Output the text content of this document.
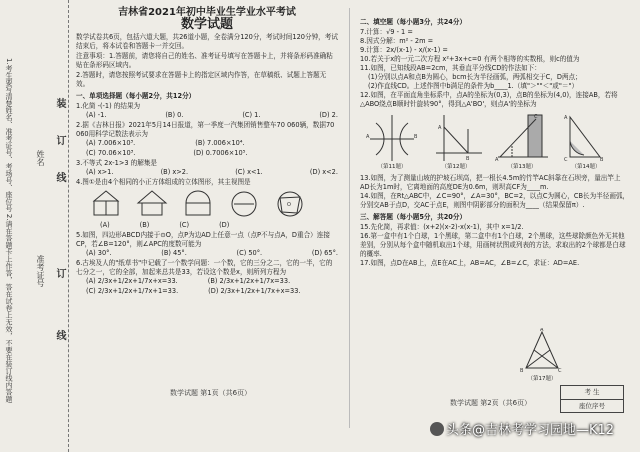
1.考生要写清楚姓名、准考证号、考场号、座位号 2.请在答题卡上作答，答在试卷上无效，不要在装订线内答题	准考证号
姓名
装
订
线
订
线
吉林省2021年初中毕业生学业水平考试
数学试题
数学试卷共6页，包括六道大题，共26道小题，全卷满分120分，考试时间120分钟，考试结束后，将本试卷和答题卡一并交回。
注意事项：1.答题前，请您将自己的姓名、准考证号填写在答题卡上，并将条形码准确粘贴在条形码区域内。
2.答题时，请您按照考试要求在答题卡上的指定区域内作答，在草稿纸、试题上答题无效。
一、单项选择题（每小题2分，共12分）
1.化简 -(-1) 的结果为
(A) -1.	(B) 0.	(C) 1.	(D) 2.
2.据《吉林日报》2021年5月14日报道，第一季度一汽集团销售整车70 060辆，数据70 060用科学记数法表示为
(A) 7.006×10³.	(B) 7.006×10⁴.
(C) 70.06×10³.	(D) 0.7006×10⁵.
3.不等式 2x-1>3 的解集是
(A) x>1.	(B) x>2.	(C) x<1.	(D) x<2.
4.图①是由4个相同的小正方体组成的立体图形，其主视图是
O
(A)	(B)	(C)	(D)
5.如图，四边形ABCD内接于⊙O，点P为边AD上任意一点（点P不与点A，D重合）连接CP，若∠B=120°，则∠APC的度数可能为
(A) 30°.	(B) 45°.	(C) 50°.	(D) 65°.
6.古埃及人的"纸草书"中记载了一个数学问题：一个数，它的三分之二，它的一半，它的七分之一，它的全部，加起来总共是33，若设这个数是x，则所列方程为
(A) 2/3x+1/2x+1/7x+x=33.	(B) 2/3x+1/2x+1/7x=33.
(C) 2/3x+1/2x+1/7x+1=33.	(D) 2/3x+1/2x+1/7x+x=33.
数学试题 第1页（共6页）
二、填空题（每小题3分，共24分）
7.计算：√9 - 1 =
8.因式分解：m² - 2m =
9.计算：2x/(x-1) - x/(x-1) =
10.若关于x的一元二次方程 x²+3x+c=0 有两个相等的实数根，则c的值为
11.如图，已知线段AB=2cm，其垂直平分线CD的作法如下：
(1)分别以点A和点B为圆心，bcm长为半径画弧，两弧相交于C，D两点；
(2)作直线CD。上述作图中b满足的条件为b____1.（填"＞""＜"或"＝"）
12.如图，在平面直角坐标系中，点A的坐标为(0,3)，点B的坐标为(4,0)，连接AB，若将△ABO绕点B顺时针旋转90°，得到△A'BO'，则点A'的坐标为
A	B
（第11题）
A
B
（第12题）
A
C
（第13题）
A
B
C
（第14题）
13.如图，为了测量山坡的护坡石坝高，把一根长4.5m的竹竿AC斜靠在石坝旁，量出竿上AD长为1m时，它离地面的高度DE为0.6m，则坝高CF为____m.
14.如图，在Rt△ABC中，∠C=90°，∠A=30°，BC=2，以点C为圆心，CB长为半径画弧，分别交AB于点D，交AC于点E，则图中阴影部分的面积为____（结果保留π）.
三、解答题（每小题5分，共20分）
15.先化简，再求值：(x+2)(x-2)-x(x-1)，其中 x=1/2.
16.第一盒中有1个白球，1个黑球，第二盒中有1个白球，2个黑球，这些球除颜色外无其他差别，分别从每个盒中随机取出1个球，用画树状图或列表的方法，求取出的2个球都是白球的概率.
17.如图，点D在AB上，点E在AC上，AB=AC，∠B=∠C，求证：AD=AE.
A
B	C
（第17题）
数学试题 第2页（共6页）
考 生
座位序号
头条@吉林考学习园地—K12
